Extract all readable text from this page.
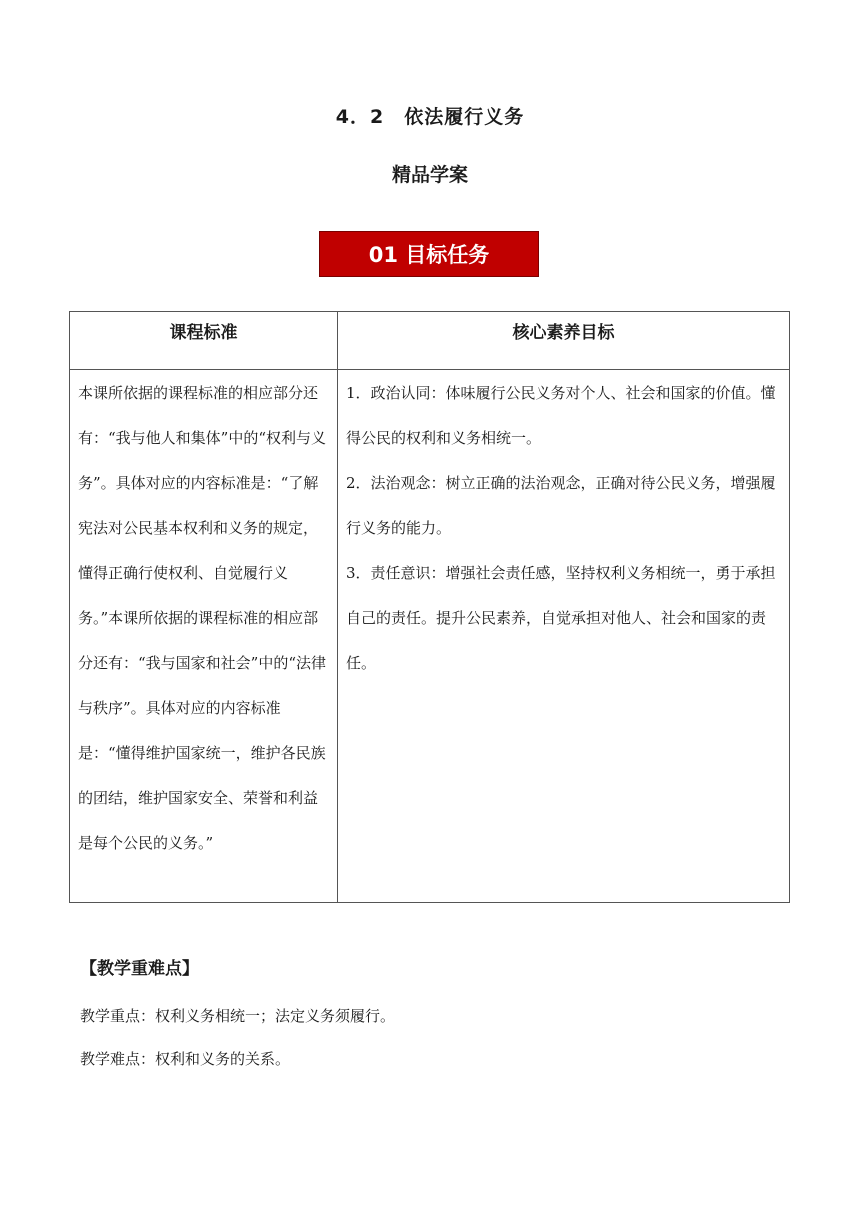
4．2　依法履行义务
精品学案
01 目标任务
课程标准	核心素养目标

本课所依据的课程标准的相应部分还有：“我与他人和集体”中的“权利与义务”。具体对应的内容标准是：“了解宪法对公民基本权利和义务的规定，懂得正确行使权利、自觉履行义务。”本课所依据的课程标准的相应部分还有：“我与国家和社会”中的“法律与秩序”。具体对应的内容标准是：“懂得维护国家统一，维护各民族的团结，维护国家安全、荣誉和利益是每个公民的义务。”	1．政治认同：体味履行公民义务对个人、社会和国家的价值。懂得公民的权利和义务相统一。

2．法治观念：树立正确的法治观念，正确对待公民义务，增强履行义务的能力。

3．责任意识：增强社会责任感，坚持权利义务相统一，勇于承担自己的责任。提升公民素养，自觉承担对他人、社会和国家的责任。

【教学重难点】
教学重点：权利义务相统一；法定义务须履行。
教学难点：权利和义务的关系。
